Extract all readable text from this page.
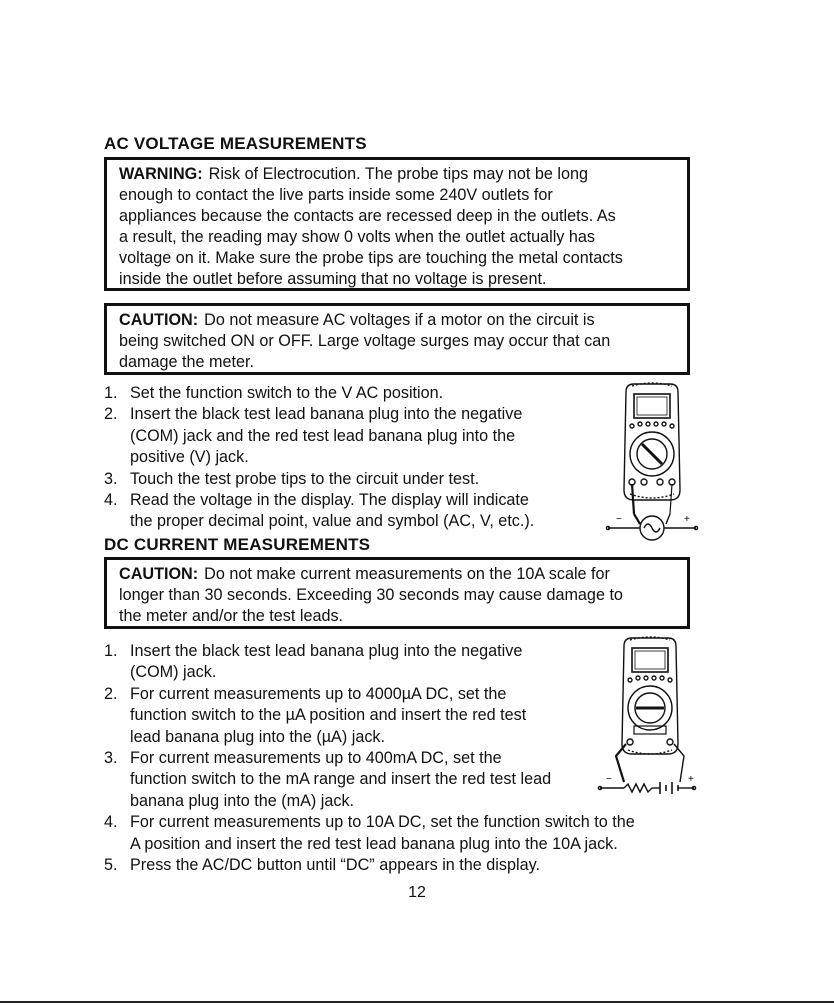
AC VOLTAGE MEASUREMENTS
WARNING: Risk of Electrocution. The probe tips may not be long
enough to contact the live parts inside some 240V outlets for
appliances because the contacts are recessed deep in the outlets. As
a result, the reading may show 0 volts when the outlet actually has
voltage on it. Make sure the probe tips are touching the metal contacts
inside the outlet before assuming that no voltage is present.
CAUTION: Do not measure AC voltages if a motor on the circuit is
being switched ON or OFF. Large voltage surges may occur that can
damage the meter.
1. Set the function switch to the V AC position.
2. Insert the black test lead banana plug into the negative
(COM) jack and the red test lead banana plug into the
positive (V) jack.
3. Touch the test probe tips to the circuit under test.
4. Read the voltage in the display. The display will indicate
the proper decimal point, value and symbol (AC, V, etc.).	−	+
DC CURRENT MEASUREMENTS
CAUTION: Do not make current measurements on the 10A scale for
longer than 30 seconds. Exceeding 30 seconds may cause damage to
the meter and/or the test leads.
1. Insert the black test lead banana plug into the negative
(COM) jack.
2. For current measurements up to 4000µA DC, set the
function switch to the µA position and insert the red test
lead banana plug into the (µA) jack.
3. For current measurements up to 400mA DC, set the
function switch to the mA range and insert the red test lead
banana plug into the (mA) jack.
4. For current measurements up to 10A DC, set the function switch to the
A position and insert the red test lead banana plug into the 10A jack.
5. Press the AC/DC button until “DC” appears in the display.
−	+
12
